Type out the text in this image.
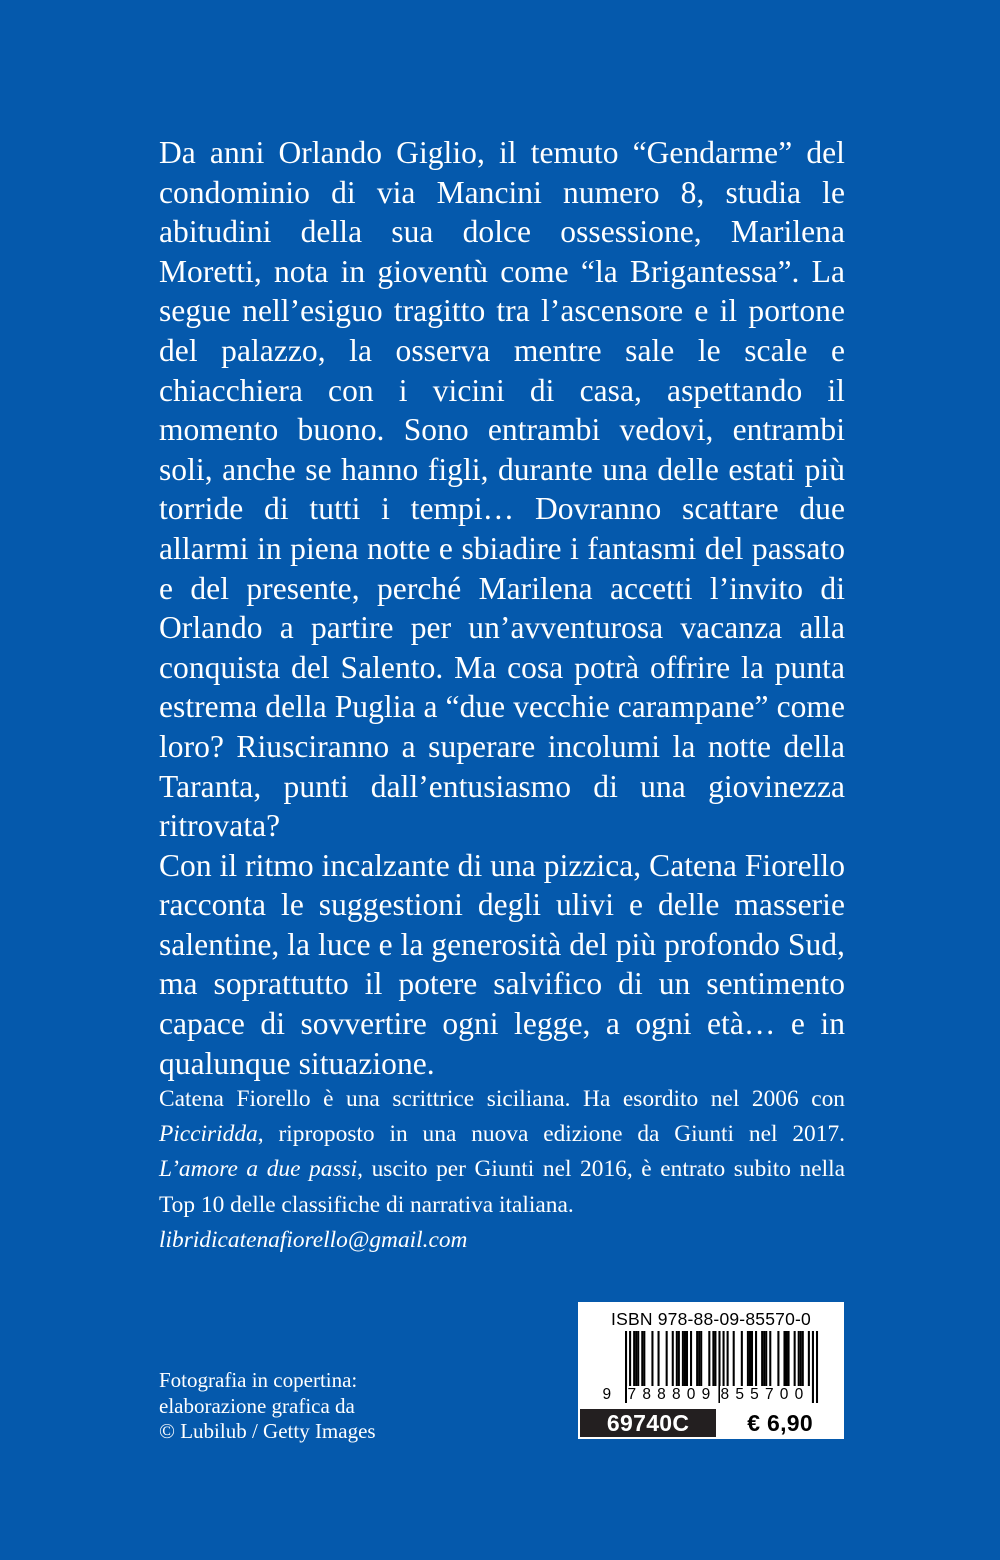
Da anni Orlando Giglio, il temuto “Gendarme” del condominio di via Mancini numero 8, studia le abitudini della sua dolce ossessione, Marilena Moretti, nota in gioventù come “la Brigantessa”. La segue nell’esiguo tragitto tra l’ascensore e il portone del palazzo, la osserva mentre sale le scale e chiacchiera con i vicini di casa, aspettando il momento buono. Sono entrambi vedovi, entrambi soli, anche se hanno figli, durante una delle estati più torride di tutti i tempi… Dovranno scattare due allarmi in piena notte e sbiadire i fantasmi del passato e del presente, perché Marilena accetti l’invito di Orlando a partire per un’avventurosa vacanza alla conquista del Salento. Ma cosa potrà offrire la punta estrema della Puglia a “due vecchie carampane” come loro? Riusciranno a superare incolumi la notte della Taranta, punti dall’entusiasmo di una giovinezza ritrovata?

Con il ritmo incalzante di una pizzica, Catena Fiorello racconta le suggestioni degli ulivi e delle masserie salentine, la luce e la generosità del più profondo Sud, ma soprattutto il potere salvifico di un sentimento capace di sovvertire ogni legge, a ogni età… e in qualunque situazione.

Catena Fiorello è una scrittrice siciliana. Ha esordito nel 2006 con Picciridda, riproposto in una nuova edizione da Giunti nel 2017. L’amore a due passi, uscito per Giunti nel 2016, è entrato subito nella Top 10 delle classifiche di narrativa italiana.

libridicatenafiorello@gmail.com
Fotografia in copertina:
elaborazione grafica da
© Lubilub / Getty Images
ISBN 978-88-09-85570-0
9 788809 855700
69740C	€ 6,90
